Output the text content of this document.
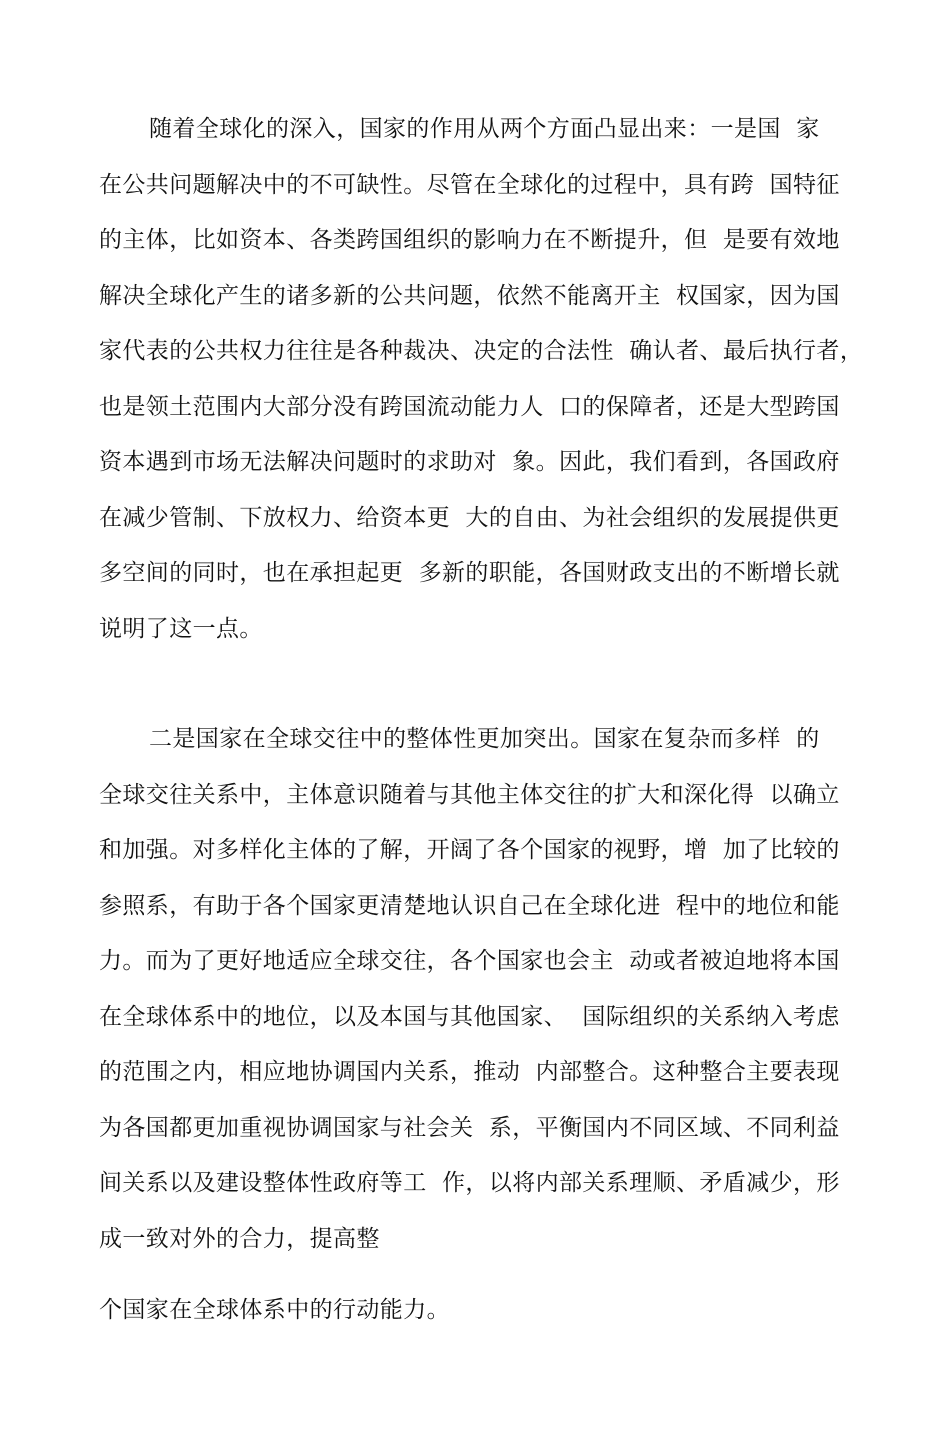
随着全球化的深入，国家的作用从两个方面凸显出来：一是国  家
在公共问题解决中的不可缺性。尽管在全球化的过程中，具有跨  国特征
的主体，比如资本、各类跨国组织的影响力在不断提升，但  是要有效地
解决全球化产生的诸多新的公共问题，依然不能离开主  权国家，因为国
家代表的公共权力往往是各种裁决、决定的合法性  确认者、最后执行者，
也是领土范围内大部分没有跨国流动能力人  口的保障者，还是大型跨国
资本遇到市场无法解决问题时的求助对  象。因此，我们看到，各国政府
在减少管制、下放权力、给资本更  大的自由、为社会组织的发展提供更
多空间的同时，也在承担起更  多新的职能，各国财政支出的不断增长就
说明了这一点。
二是国家在全球交往中的整体性更加突出。国家在复杂而多样  的
全球交往关系中，主体意识随着与其他主体交往的扩大和深化得  以确立
和加强。对多样化主体的了解，开阔了各个国家的视野，增  加了比较的
参照系，有助于各个国家更清楚地认识自己在全球化进  程中的地位和能
力。而为了更好地适应全球交往，各个国家也会主  动或者被迫地将本国
在全球体系中的地位，以及本国与其他国家、  国际组织的关系纳入考虑
的范围之内，相应地协调国内关系，推动  内部整合。这种整合主要表现
为各国都更加重视协调国家与社会关  系，平衡国内不同区域、不同利益
间关系以及建设整体性政府等工  作，以将内部关系理顺、矛盾减少，形
成一致对外的合力，提高整
个国家在全球体系中的行动能力。
